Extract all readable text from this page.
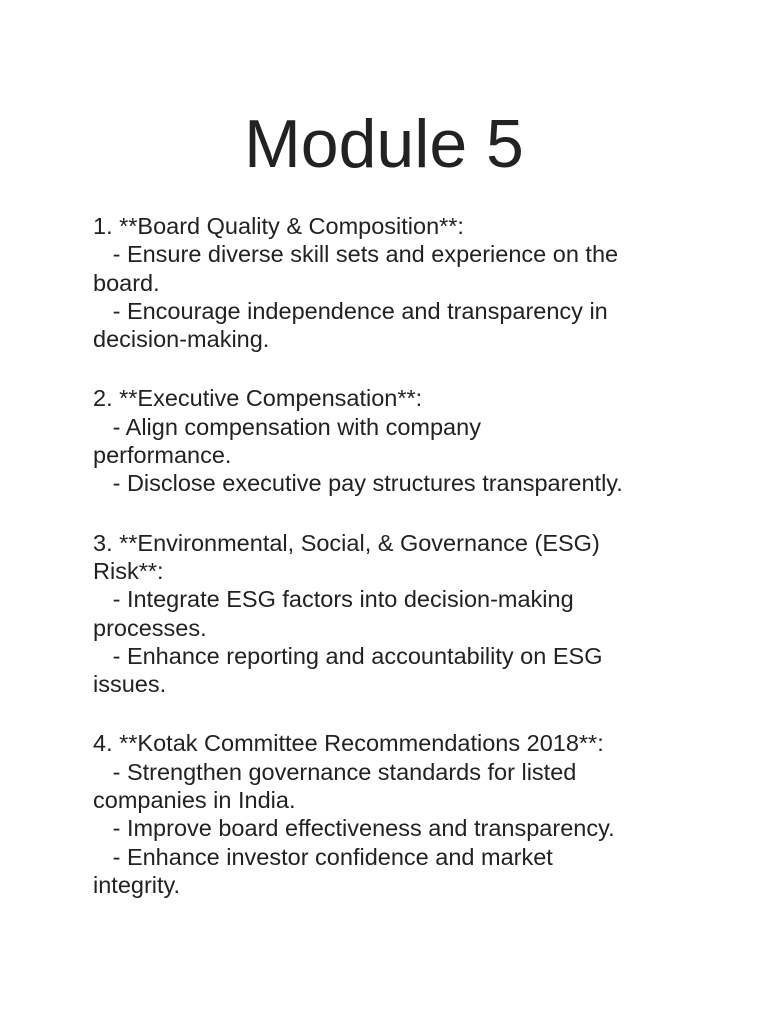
Module 5

1. **Board Quality & Composition**:

- Ensure diverse skill sets and experience on the

board.

- Encourage independence and transparency in

decision-making.

2. **Executive Compensation**:

- Align compensation with company

performance.

- Disclose executive pay structures transparently.

3. **Environmental, Social, & Governance (ESG)

Risk**:

- Integrate ESG factors into decision-making

processes.

- Enhance reporting and accountability on ESG

issues.

4. **Kotak Committee Recommendations 2018**:

- Strengthen governance standards for listed

companies in India.

- Improve board effectiveness and transparency.

- Enhance investor confidence and market

integrity.
